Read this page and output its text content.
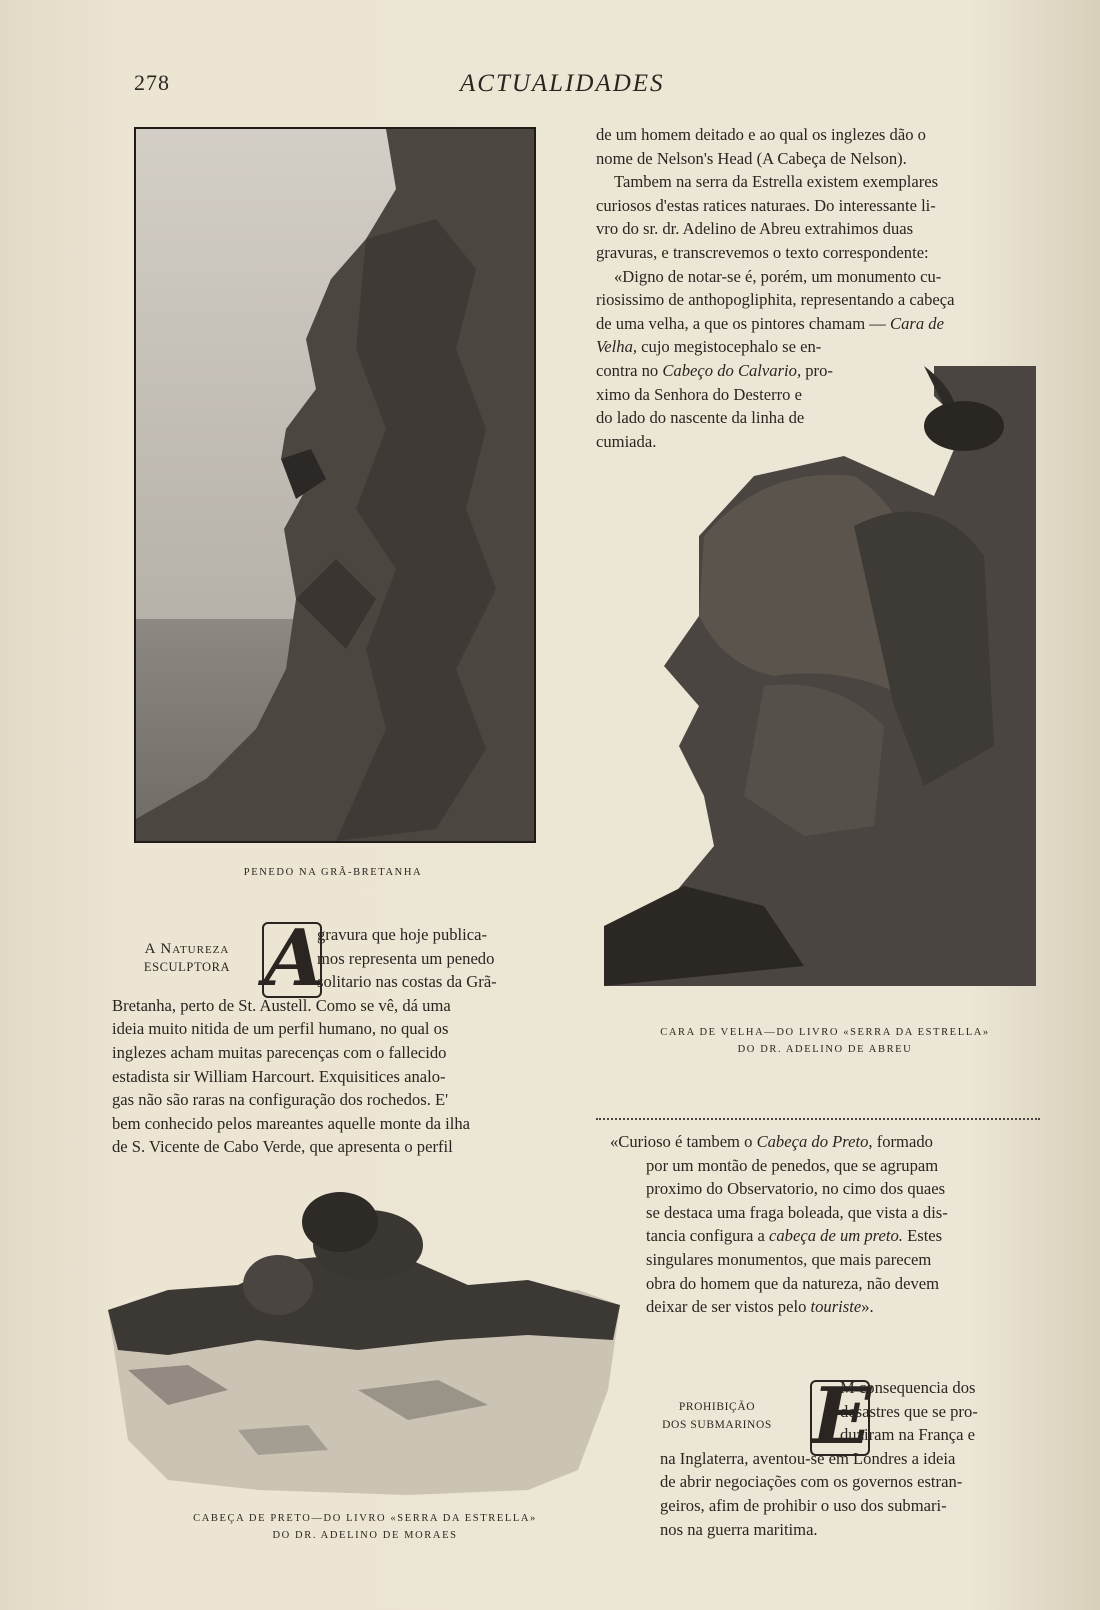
278	ACTUALIDADES
PENEDO NA GRÃ-BRETANHA
A Natureza
ESCULPTORA A
gravura que hoje publica-
mos representa um penedo
solitario nas costas da Grã-
Bretanha, perto de St. Austell. Como se vê, dá uma
ideia muito nitida de um perfil humano, no qual os
inglezes acham muitas parecenças com o fallecido
estadista sir William Harcourt. Exquisitices analo-
gas não são raras na configuração dos rochedos. E'
bem conhecido pelos mareantes aquelle monte da ilha
de S. Vicente de Cabo Verde, que apresenta o perfil
CABEÇA DE PRETO—DO LIVRO «SERRA DA ESTRELLA»
DO DR. ADELINO DE MORAES
de um homem deitado e ao qual os inglezes dão o
nome de Nelson's Head (A Cabeça de Nelson).
Tambem na serra da Estrella existem exemplares
curiosos d'estas ratices naturaes. Do interessante li-
vro do sr. dr. Adelino de Abreu extrahimos duas
gravuras, e transcrevemos o texto correspondente:
«Digno de notar-se é, porém, um monumento cu-
riosissimo de anthopogliphita, representando a cabeça
de uma velha, a que os pintores chamam — Cara de
Velha, cujo megistocephalo se en-
contra no Cabeço do Calvario, pro-
ximo da Senhora do Desterro e
do lado do nascente da linha de
cumiada.
CARA DE VELHA—DO LIVRO «SERRA DA ESTRELLA»
DO DR. ADELINO DE ABREU
«Curioso é tambem o Cabeça do Preto, formado
por um montão de penedos, que se agrupam
proximo do Observatorio, no cimo dos quaes
se destaca uma fraga boleada, que vista a dis-
tancia configura a cabeça de um preto. Estes
singulares monumentos, que mais parecem
obra do homem que da natureza, não devem
deixar de ser vistos pelo touriste».
PROHIBIÇÃO
DOS SUBMARINOS E
M consequencia dos
desastres que se pro-
duziram na França e
na Inglaterra, aventou-se em Londres a ideia
de abrir negociações com os governos estran-
geiros, afim de prohibir o uso dos submari-
nos na guerra maritima.
